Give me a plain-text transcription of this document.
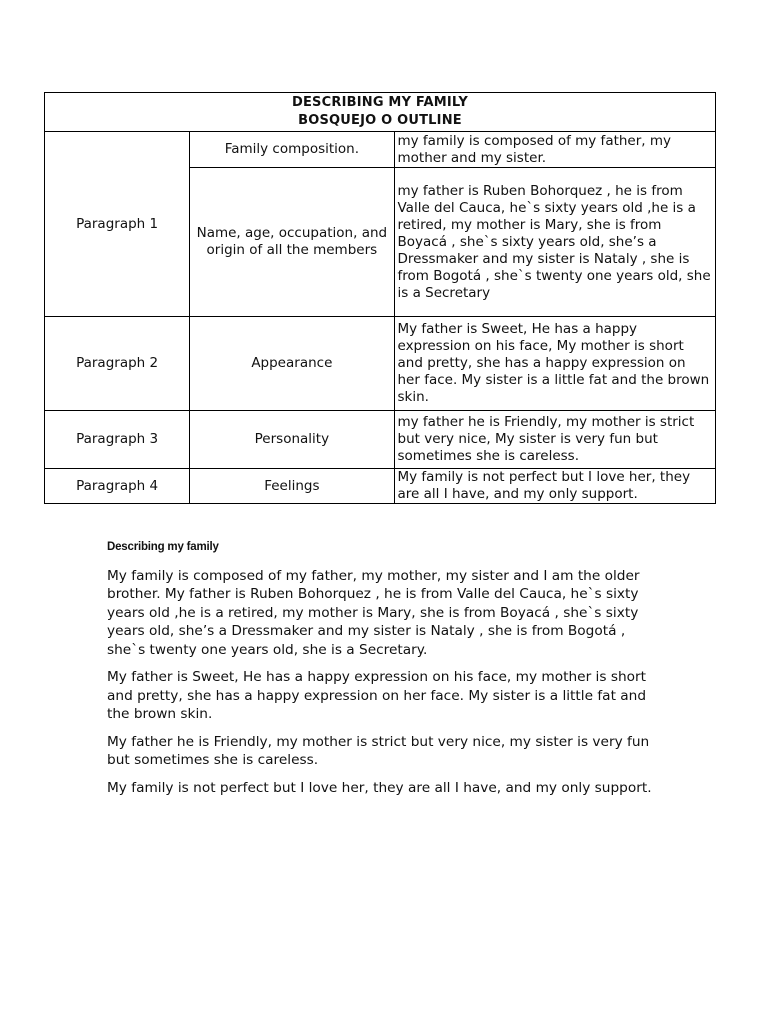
DESCRIBING MY FAMILY
BOSQUEJO O OUTLINE		

Paragraph 1	Family composition.	my family is composed of my father, my mother and my sister.
	Name, age, occupation, and origin of all the members	my father is Ruben Bohorquez , he is from Valle del Cauca, he`s sixty years old ,he is a retired, my mother is Mary, she is from Boyacá , she`s sixty years old, she’s a Dressmaker and my sister is Nataly , she is from Bogotá , she`s twenty one years old, she is a Secretary
Paragraph 2	Appearance	My father is Sweet, He has a happy expression on his face, My mother is short and pretty, she has a happy expression on her face. My sister is a little fat and the brown skin.
Paragraph 3	Personality	my father he is Friendly, my mother is strict but very nice, My sister is very fun but sometimes she is careless.
Paragraph 4	Feelings	My family is not perfect but I love her, they are all I have, and my only support.
Describing my family

My family is composed of my father, my mother, my sister and I am the older brother. My father is Ruben Bohorquez , he is from Valle del Cauca, he`s sixty years old ,he is a retired, my mother is Mary, she is from Boyacá , she`s sixty years old, she’s a Dressmaker and my sister is Nataly , she is from Bogotá , she`s twenty one years old, she is a Secretary.

My father is Sweet, He has a happy expression on his face, my mother is short and pretty, she has a happy expression on her face. My sister is a little fat and the brown skin.

My father he is Friendly, my mother is strict but very nice, my sister is very fun but sometimes she is careless.

My family is not perfect but I love her, they are all I have, and my only support.
